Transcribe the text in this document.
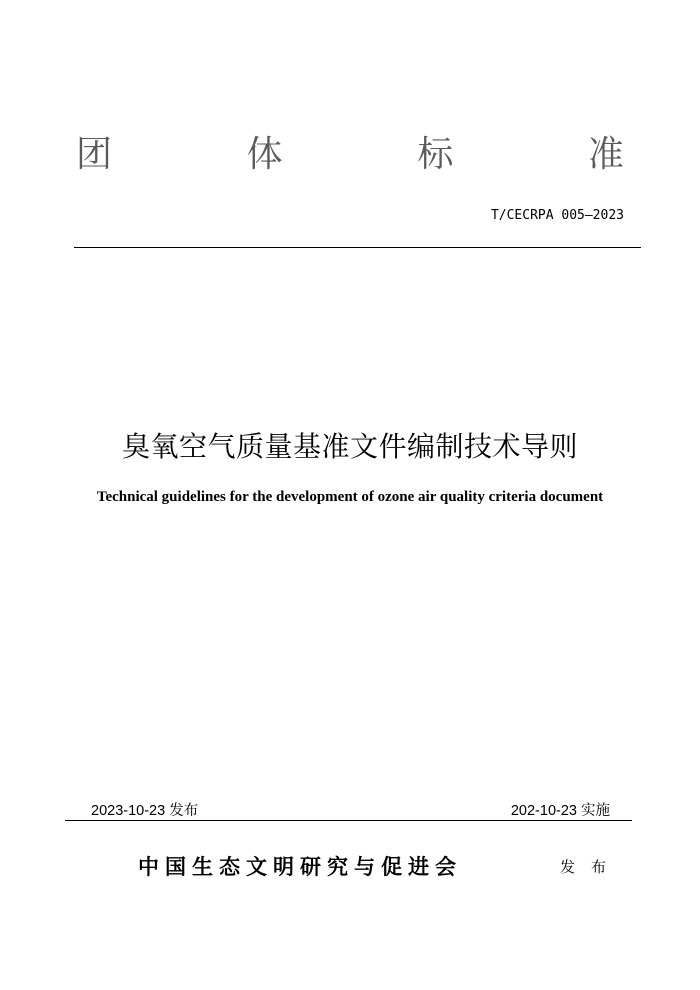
团	体	标	准
T/CECRPA 005—2023
臭氧空气质量基准文件编制技术导则
Technical guidelines for the development of ozone air quality criteria document
2023-10-23 发布	202-10-23 实施
中国生态文明研究与促进会	发布
